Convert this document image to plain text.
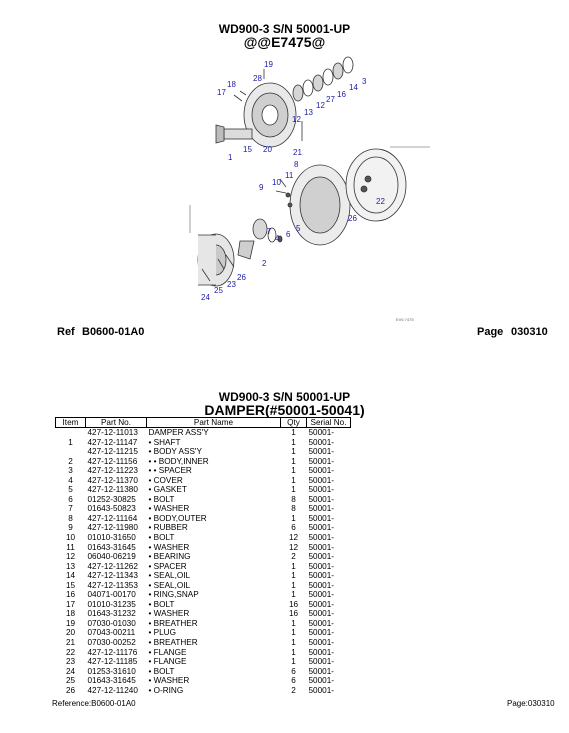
WD900-3 S/N 50001-UP
@@E7475@
EV6 7475
28
19
18
17
3
14
16
27
12
13
12
1
15 20	21
8
11
10
9
22
26
5
6
4
7
2
26
23
25
24
Ref B0600-01A0	Page 030310
WD900-3 S/N 50001-UP
DAMPER(#50001-50041)
Item	Part No.	Part Name	Qty	Serial No.
	427-12-11013	DAMPER ASS'Y	1	50001-
1	427-12-11147	• SHAFT	1	50001-
	427-12-11215	• BODY ASS'Y	1	50001-
2	427-12-11156	• • BODY,INNER	1	50001-
3	427-12-11223	• • SPACER	1	50001-
4	427-12-11370	• COVER	1	50001-
5	427-12-11380	• GASKET	1	50001-
6	01252-30825	• BOLT	8	50001-
7	01643-50823	• WASHER	8	50001-
8	427-12-11164	• BODY,OUTER	1	50001-
9	427-12-11980	• RUBBER	6	50001-
10	01010-31650	• BOLT	12	50001-
11	01643-31645	• WASHER	12	50001-
12	06040-06219	• BEARING	2	50001-
13	427-12-11262	• SPACER	1	50001-
14	427-12-11343	• SEAL,OIL	1	50001-
15	427-12-11353	• SEAL,OIL	1	50001-
16	04071-00170	• RING,SNAP	1	50001-
17	01010-31235	• BOLT	16	50001-
18	01643-31232	• WASHER	16	50001-
19	07030-01030	• BREATHER	1	50001-
20	07043-00211	• PLUG	1	50001-
21	07030-00252	• BREATHER	1	50001-
22	427-12-11176	• FLANGE	1	50001-
23	427-12-11185	• FLANGE	1	50001-
24	01253-31610	• BOLT	6	50001-
25	01643-31645	• WASHER	6	50001-
26	427-12-11240	• O-RING	2	50001-
Reference:B0600-01A0	Page:030310
